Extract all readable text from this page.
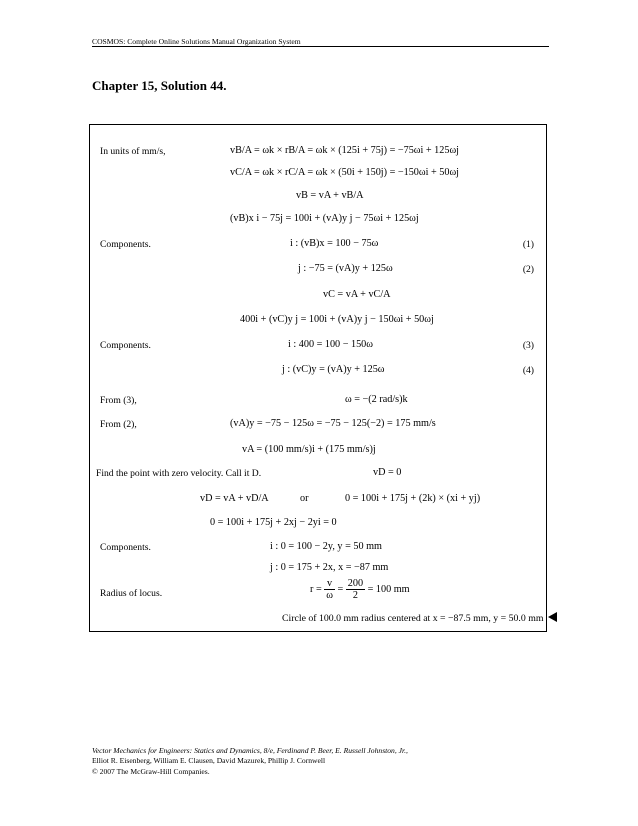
COSMOS: Complete Online Solutions Manual Organization System
Chapter 15, Solution 44.
In units of mm/s,	vB/A = ωk × rB/A = ωk × (125i + 75j) = −75ωi + 125ωj
vC/A = ωk × rC/A = ωk × (50i + 150j) = −150ωi + 50ωj
vB = vA + vB/A
(vB)x i − 75j = 100i + (vA)y j − 75ωi + 125ωj
Components.	i : (vB)x = 100 − 75ω	(1)
j : −75 = (vA)y + 125ω	(2)
vC = vA + vC/A
400i + (vC)y j = 100i + (vA)y j − 150ωi + 50ωj
Components.	i : 400 = 100 − 150ω	(3)
j : (vC)y = (vA)y + 125ω	(4)
From (3),	ω = −(2 rad/s)k
From (2),	(vA)y = −75 − 125ω = −75 − 125(−2) = 175 mm/s
vA = (100 mm/s)i + (175 mm/s)j
Find the point with zero velocity. Call it D.	vD = 0
vD = vA + vD/A	or	0 = 100i + 175j + (2k) × (xi + yj)
0 = 100i + 175j + 2xj − 2yi = 0
Components.	i : 0 = 100 − 2y, y = 50 mm
j : 0 = 175 + 2x, x = −87 mm
Radius of locus.	$r = \frac{v}{\omega} = \frac{200}{2} = 100$ mm
Circle of 100.0 mm radius centered at x = −87.5 mm, y = 50.0 mm
Vector Mechanics for Engineers: Statics and Dynamics, 8/e, Ferdinand P. Beer, E. Russell Johnston, Jr.,
Elliot R. Eisenberg, William E. Clausen, David Mazurek, Phillip J. Cornwell
© 2007 The McGraw-Hill Companies.
